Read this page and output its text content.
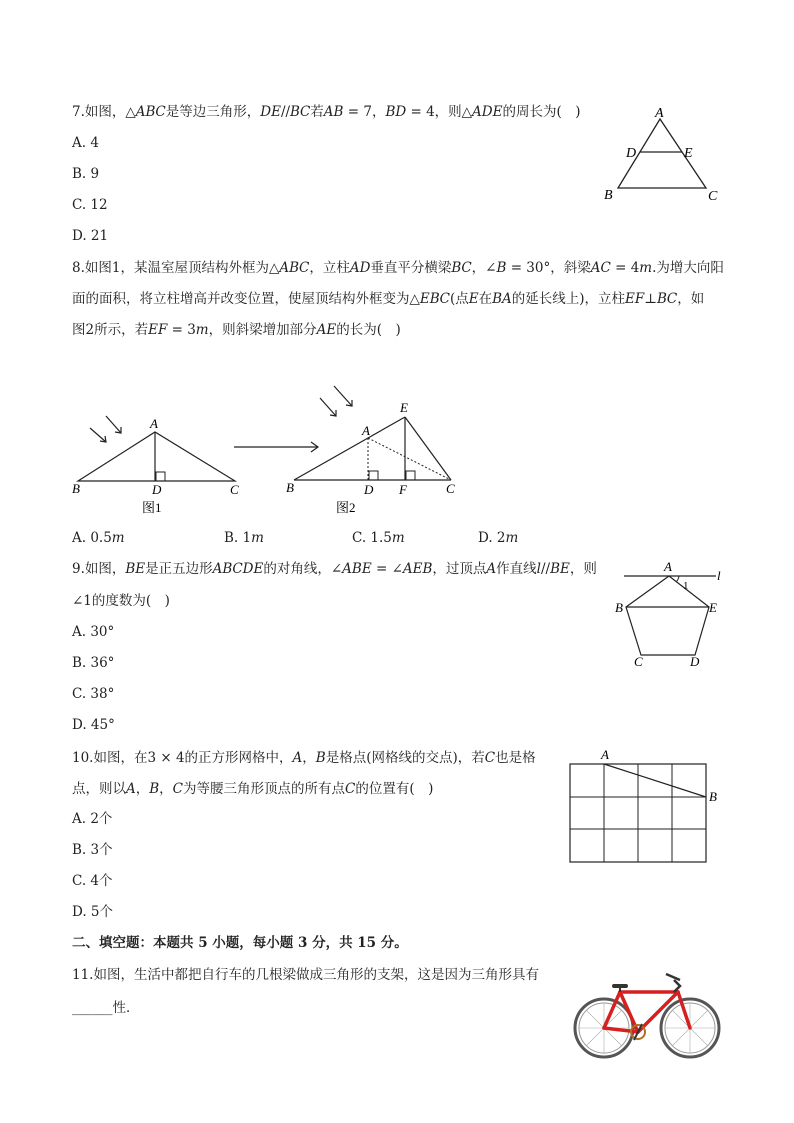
7.如图，△𝐴𝐵𝐶是等边三角形，𝐷𝐸//𝐵𝐶若𝐴𝐵 = 7，𝐵𝐷 = 4，则△𝐴𝐷𝐸的周长为(　)
A. 4
B. 9
C. 12
D. 21
A
D	E
B	C
8.如图1，某温室屋顶结构外框为△𝐴𝐵𝐶，立柱𝐴𝐷垂直平分横梁𝐵𝐶，∠𝐵 = 30°，斜梁𝐴𝐶 = 4𝑚.为增大向阳
面的面积，将立柱增高并改变位置，使屋顶结构外框变为△𝐸𝐵𝐶(点𝐸在𝐵𝐴的延长线上)，立柱𝐸𝐹⊥𝐵𝐶，如
图2所示，若𝐸𝐹 = 3𝑚，则斜梁增加部分𝐴𝐸的长为(　)
A
B	D	C
图1
E
A
B	D F	C
图2
A. 0.5𝑚	B. 1𝑚	C. 1.5𝑚	D. 2𝑚
9.如图，𝐵𝐸是正五边形𝐴𝐵𝐶𝐷𝐸的对角线，∠𝐴𝐵𝐸 = ∠𝐴𝐸𝐵，过顶点𝐴作直线𝑙//𝐵𝐸，则
∠1的度数为(　)
A. 30°
B. 36°
C. 38°
D. 45°
A
l
1
B	E
C	D
10.如图，在3 × 4的正方形网格中，𝐴，𝐵是格点(网格线的交点)，若𝐶也是格
点，则以𝐴，𝐵，𝐶为等腰三角形顶点的所有点𝐶的位置有(　)
A. 2个
B. 3个
C. 4个
D. 5个
A
B
二、填空题：本题共 5 小题，每小题 3 分，共 15 分。
11.如图，生活中都把自行车的几根梁做成三角形的支架，这是因为三角形具有
______性．
